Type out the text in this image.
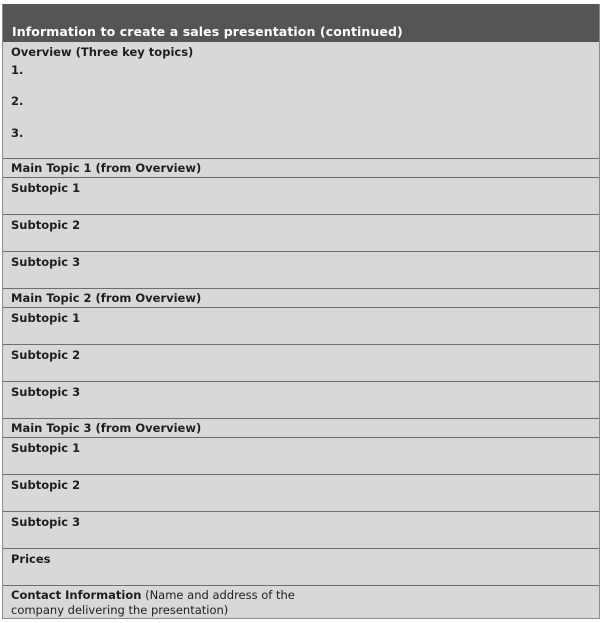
Information to create a sales presentation (continued)
Overview (Three key topics)
1.
2.
3.
Main Topic 1 (from Overview)
Subtopic 1
Subtopic 2
Subtopic 3
Main Topic 2 (from Overview)
Subtopic 1
Subtopic 2
Subtopic 3
Main Topic 3 (from Overview)
Subtopic 1
Subtopic 2
Subtopic 3
Prices
Contact Information (Name and address of the
company delivering the presentation)
